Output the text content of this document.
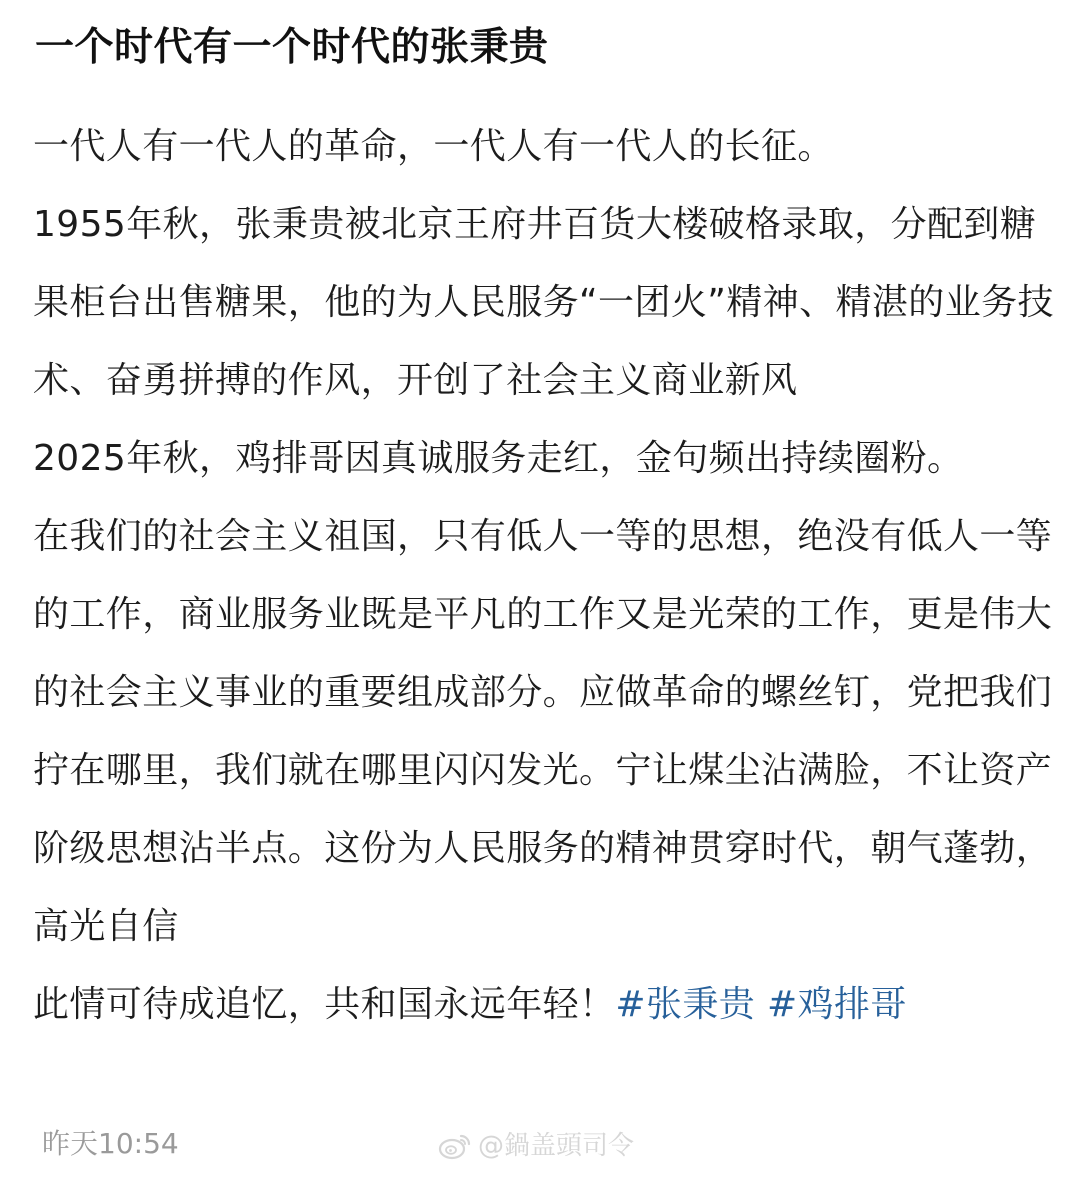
一个时代有一个时代的张秉贵

一代人有一代人的革命，一代人有一代人的长征。

1955年秋，张秉贵被北京王府井百货大楼破格录取，分配到糖果柜台出售糖果，他的为人民服务“一团火”精神、精湛的业务技术、奋勇拼搏的作风，开创了社会主义商业新风

2025年秋，鸡排哥因真诚服务走红，金句频出持续圈粉。

在我们的社会主义祖国，只有低人一等的思想，绝没有低人一等的工作，商业服务业既是平凡的工作又是光荣的工作，更是伟大的社会主义事业的重要组成部分。应做革命的螺丝钉，党把我们拧在哪里，我们就在哪里闪闪发光。宁让煤尘沾满脸，不让资产阶级思想沾半点。这份为人民服务的精神贯穿时代，朝气蓬勃，高光自信

此情可待成追忆，共和国永远年轻！#张秉贵 #鸡排哥

昨天10:54	@鍋盖頭司令
